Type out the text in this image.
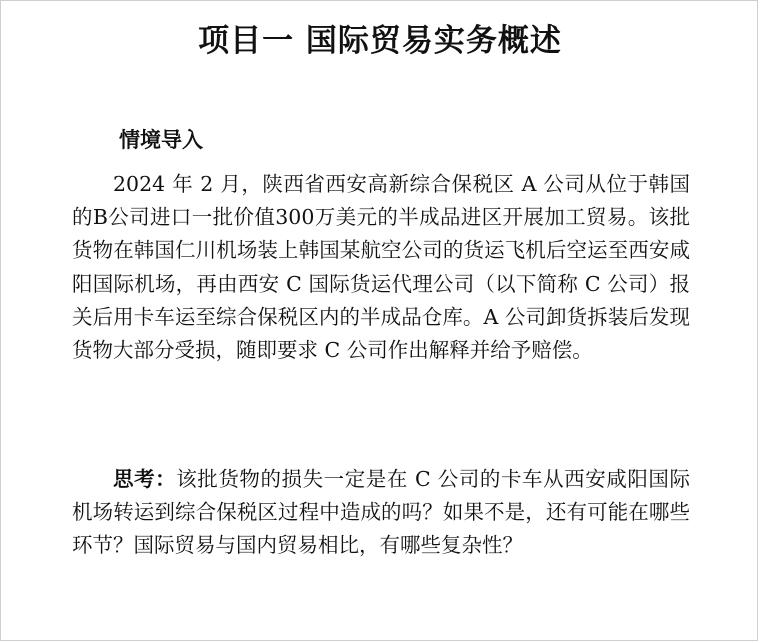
项目一 国际贸易实务概述
情境导入

2024 年 2 月，陕西省西安高新综合保税区 A 公司从位于韩国的B公司进口一批价值300万美元的半成品进区开展加工贸易。该批货物在韩国仁川机场装上韩国某航空公司的货运飞机后空运至西安咸阳国际机场，再由西安 C 国际货运代理公司（以下简称 C 公司）报关后用卡车运至综合保税区内的半成品仓库。A 公司卸货拆装后发现货物大部分受损，随即要求 C 公司作出解释并给予赔偿。

思考：该批货物的损失一定是在 C 公司的卡车从西安咸阳国际机场转运到综合保税区过程中造成的吗？如果不是，还有可能在哪些环节？国际贸易与国内贸易相比，有哪些复杂性？
